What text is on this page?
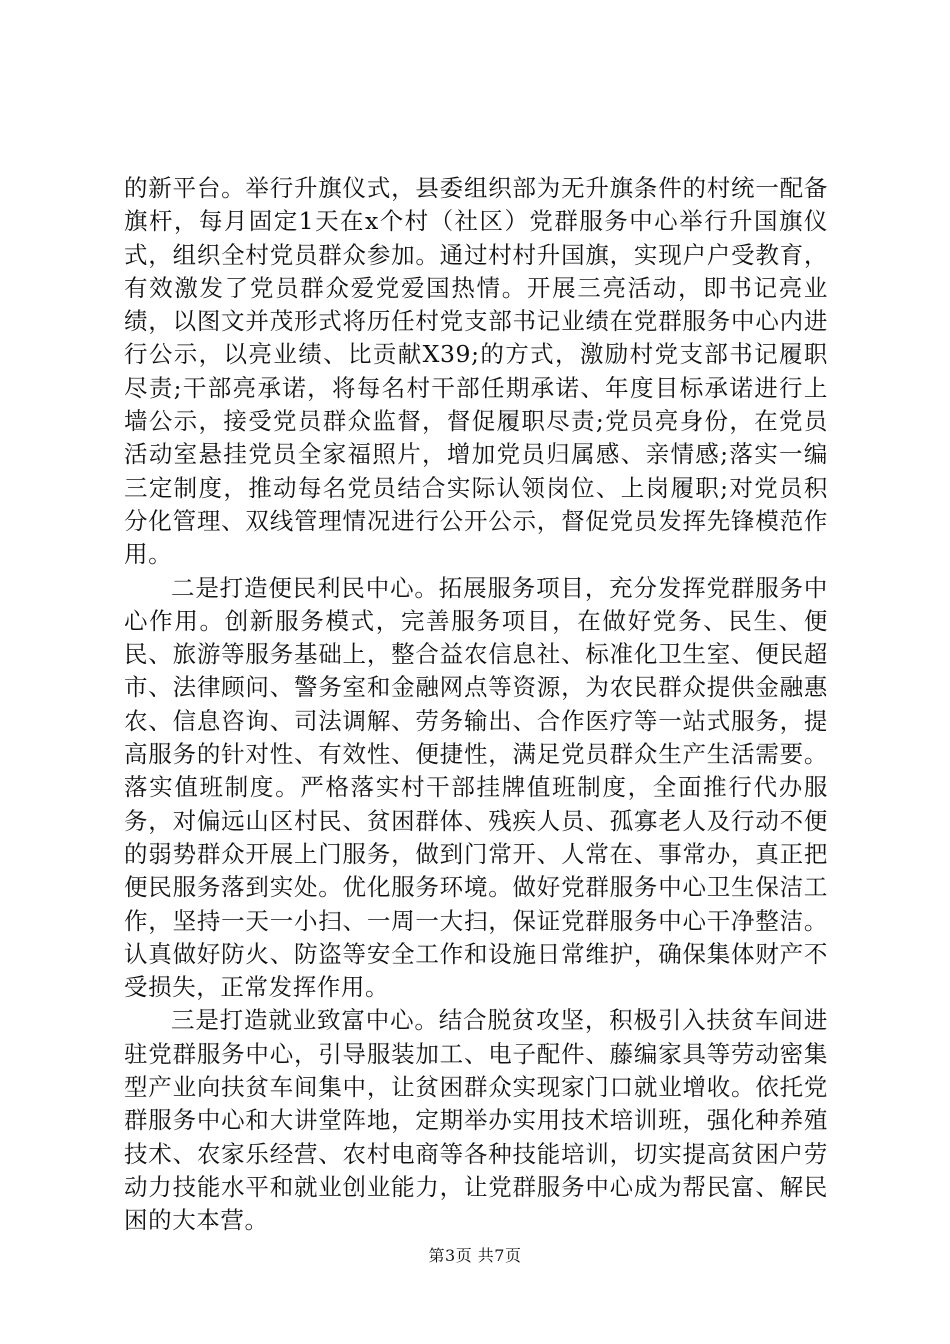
的新平台。举行升旗仪式，县委组织部为无升旗条件的村统一配备旗杆，每月固定1天在x个村（社区）党群服务中心举行升国旗仪式，组织全村党员群众参加。通过村村升国旗，实现户户受教育，有效激发了党员群众爱党爱国热情。开展三亮活动，即书记亮业绩，以图文并茂形式将历任村党支部书记业绩在党群服务中心内进行公示，以亮业绩、比贡献X39;的方式，激励村党支部书记履职尽责;干部亮承诺，将每名村干部任期承诺、年度目标承诺进行上墙公示，接受党员群众监督，督促履职尽责;党员亮身份，在党员活动室悬挂党员全家福照片，增加党员归属感、亲情感;落实一编三定制度，推动每名党员结合实际认领岗位、上岗履职;对党员积分化管理、双线管理情况进行公开公示，督促党员发挥先锋模范作用。

二是打造便民利民中心。拓展服务项目，充分发挥党群服务中心作用。创新服务模式，完善服务项目，在做好党务、民生、便民、旅游等服务基础上，整合益农信息社、标准化卫生室、便民超市、法律顾问、警务室和金融网点等资源，为农民群众提供金融惠农、信息咨询、司法调解、劳务输出、合作医疗等一站式服务，提高服务的针对性、有效性、便捷性，满足党员群众生产生活需要。落实值班制度。严格落实村干部挂牌值班制度，全面推行代办服务，对偏远山区村民、贫困群体、残疾人员、孤寡老人及行动不便的弱势群众开展上门服务，做到门常开、人常在、事常办，真正把便民服务落到实处。优化服务环境。做好党群服务中心卫生保洁工作，坚持一天一小扫、一周一大扫，保证党群服务中心干净整洁。认真做好防火、防盗等安全工作和设施日常维护，确保集体财产不受损失，正常发挥作用。

三是打造就业致富中心。结合脱贫攻坚，积极引入扶贫车间进驻党群服务中心，引导服装加工、电子配件、藤编家具等劳动密集型产业向扶贫车间集中，让贫困群众实现家门口就业增收。依托党群服务中心和大讲堂阵地，定期举办实用技术培训班，强化种养殖技术、农家乐经营、农村电商等各种技能培训，切实提高贫困户劳动力技能水平和就业创业能力，让党群服务中心成为帮民富、解民困的大本营。

第3页 共7页
